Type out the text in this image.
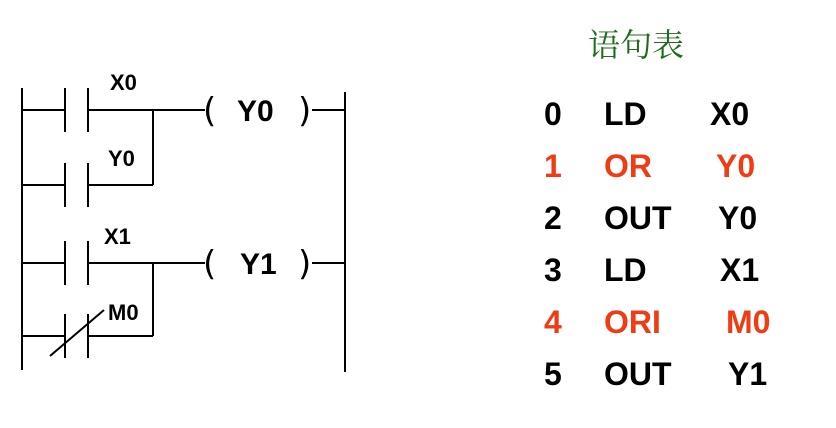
X0
Y0
X1
M0
( Y0 )
( Y1 )
语句表
0 LD X0
1 OR Y0
2 OUT Y0
3 LD X1
4 ORI M0
5 OUT Y1
